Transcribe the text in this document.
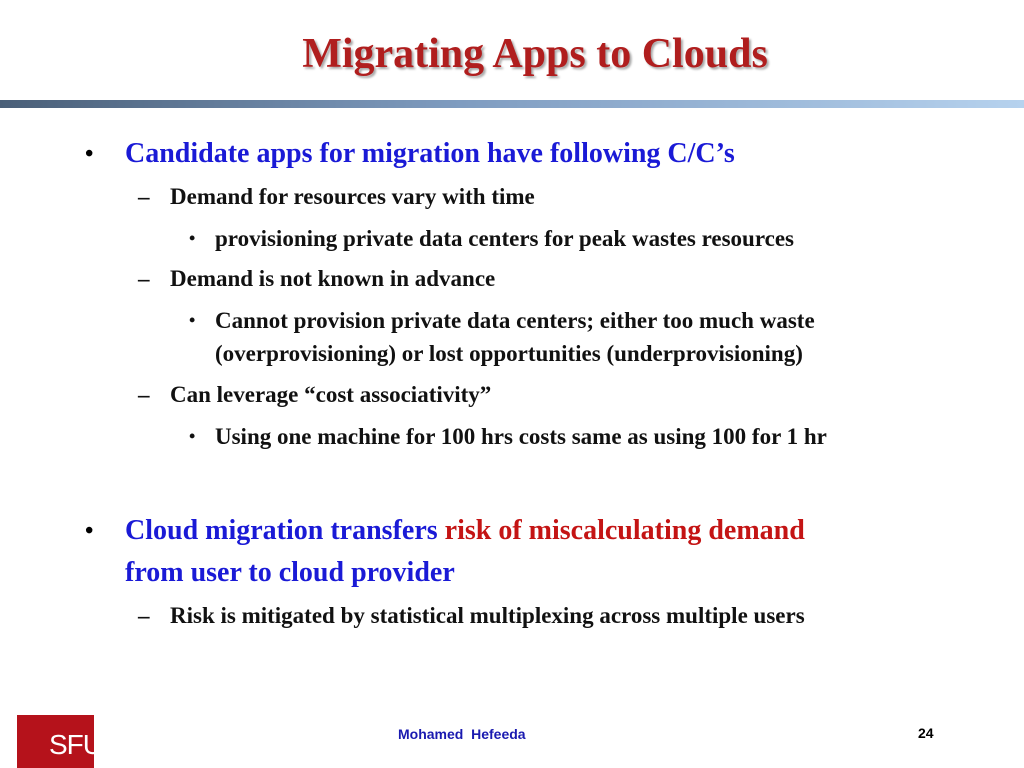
Migrating Apps to Clouds
• Candidate apps for migration have following C/C’s
– Demand for resources vary with time
• provisioning private data centers for peak wastes resources
– Demand is not known in advance
• Cannot provision private data centers; either too much waste
(overprovisioning) or lost opportunities (underprovisioning)
– Can leverage “cost associativity”
• Using one machine for 100 hrs costs same as using 100 for 1 hr
• Cloud migration transfers risk of miscalculating demand
from user to cloud provider
– Risk is mitigated by statistical multiplexing across multiple users
SFU	Mohamed  Hefeeda	24
